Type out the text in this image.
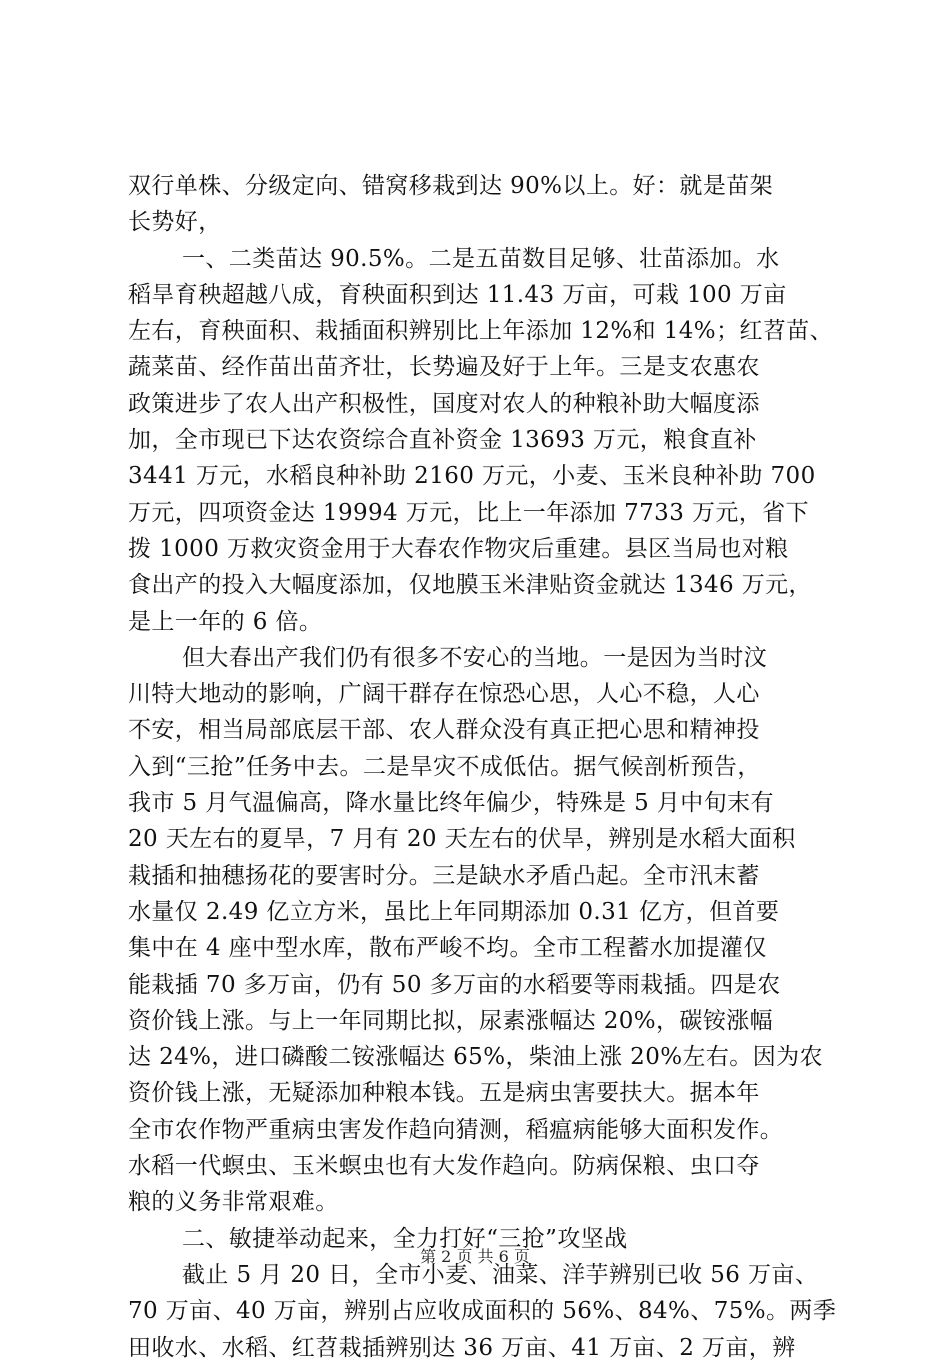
双行单株、分级定向、错窝移栽到达 90%以上。好：就是苗架
长势好，
一、二类苗达 90.5%。二是五苗数目足够、壮苗添加。水
稻旱育秧超越八成，育秧面积到达 11.43 万亩，可栽 100 万亩
左右，育秧面积、栽插面积辨别比上年添加 12%和 14%；红苕苗、
蔬菜苗、经作苗出苗齐壮，长势遍及好于上年。三是支农惠农
政策进步了农人出产积极性，国度对农人的种粮补助大幅度添
加，全市现已下达农资综合直补资金 13693 万元，粮食直补
3441 万元，水稻良种补助 2160 万元，小麦、玉米良种补助 700
万元，四项资金达 19994 万元，比上一年添加 7733 万元，省下
拨 1000 万救灾资金用于大春农作物灾后重建。县区当局也对粮
食出产的投入大幅度添加，仅地膜玉米津贴资金就达 1346 万元，
是上一年的 6 倍。
但大春出产我们仍有很多不安心的当地。一是因为当时汶
川特大地动的影响，广阔干群存在惊恐心思，人心不稳，人心
不安，相当局部底层干部、农人群众没有真正把心思和精神投
入到“三抢”任务中去。二是旱灾不成低估。据气候剖析预告，
我市 5 月气温偏高，降水量比终年偏少，特殊是 5 月中旬末有
20 天左右的夏旱，7 月有 20 天左右的伏旱，辨别是水稻大面积
栽插和抽穗扬花的要害时分。三是缺水矛盾凸起。全市汛末蓄
水量仅 2.49 亿立方米，虽比上年同期添加 0.31 亿方，但首要
集中在 4 座中型水库，散布严峻不均。全市工程蓄水加提灌仅
能栽插 70 多万亩，仍有 50 多万亩的水稻要等雨栽插。四是农
资价钱上涨。与上一年同期比拟，尿素涨幅达 20%，碳铵涨幅
达 24%，进口磷酸二铵涨幅达 65%，柴油上涨 20%左右。因为农
资价钱上涨，无疑添加种粮本钱。五是病虫害要扶大。据本年
全市农作物严重病虫害发作趋向猜测，稻瘟病能够大面积发作。
水稻一代螟虫、玉米螟虫也有大发作趋向。防病保粮、虫口夺
粮的义务非常艰难。
二、敏捷举动起来，全力打好“三抢”攻坚战
截止 5 月 20 日，全市小麦、油菜、洋芋辨别已收 56 万亩、
70 万亩、40 万亩，辨别占应收成面积的 56%、84%、75%。两季
田收水、水稻、红苕栽插辨别达 36 万亩、41 万亩、2 万亩，辨
第 2 页 共 6 页
